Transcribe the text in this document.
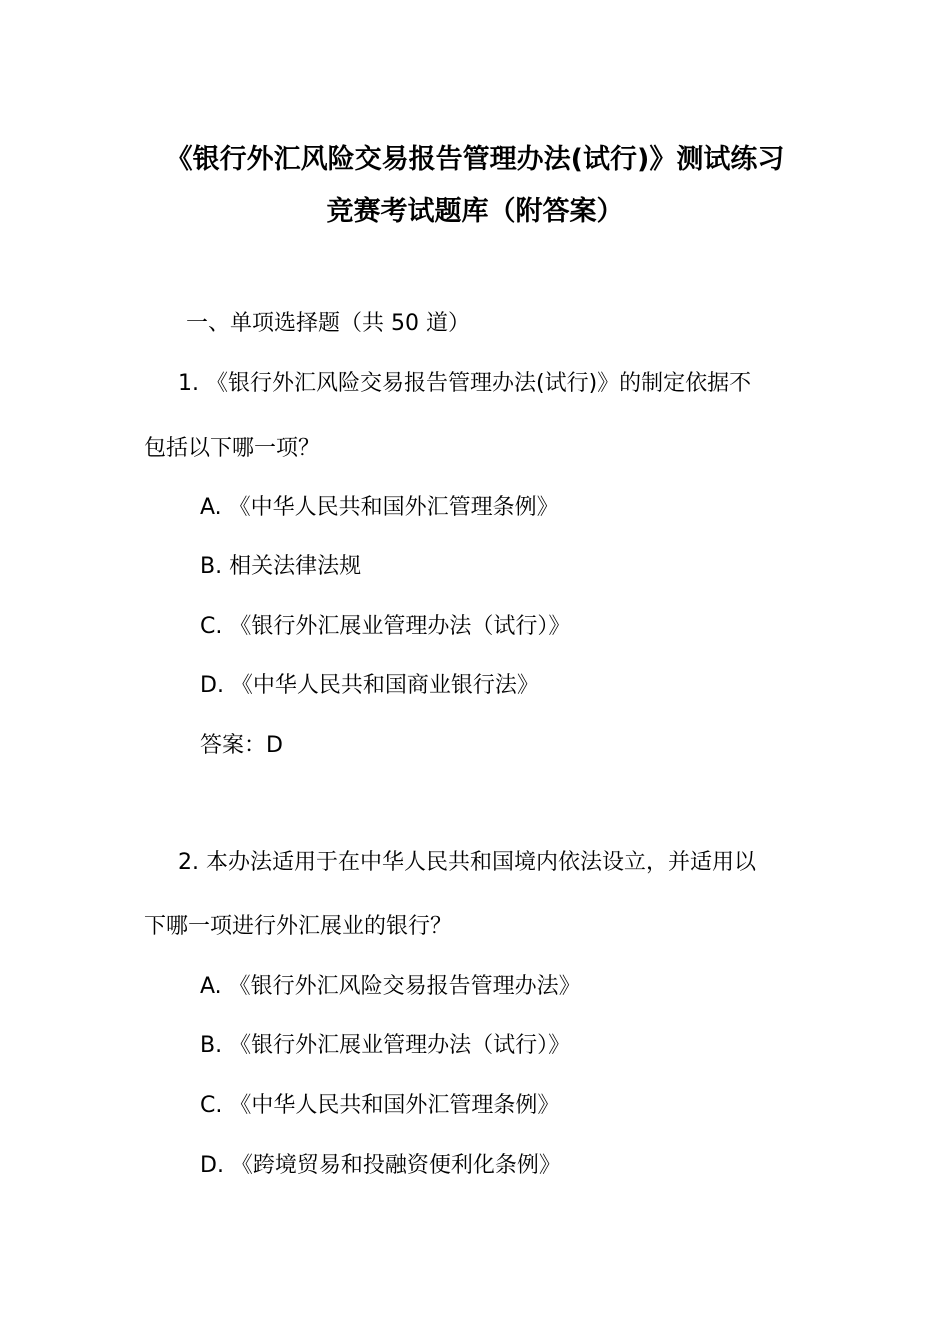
《银行外汇风险交易报告管理办法(试行)》测试练习
竞赛考试题库（附答案）
一、单项选择题（共 50 道）
1. 《银行外汇风险交易报告管理办法(试行)》的制定依据不
包括以下哪一项？
A. 《中华人民共和国外汇管理条例》
B. 相关法律法规
C. 《银行外汇展业管理办法（试行）》
D. 《中华人民共和国商业银行法》
答案：D
2. 本办法适用于在中华人民共和国境内依法设立，并适用以
下哪一项进行外汇展业的银行？
A. 《银行外汇风险交易报告管理办法》
B. 《银行外汇展业管理办法（试行）》
C. 《中华人民共和国外汇管理条例》
D. 《跨境贸易和投融资便利化条例》
